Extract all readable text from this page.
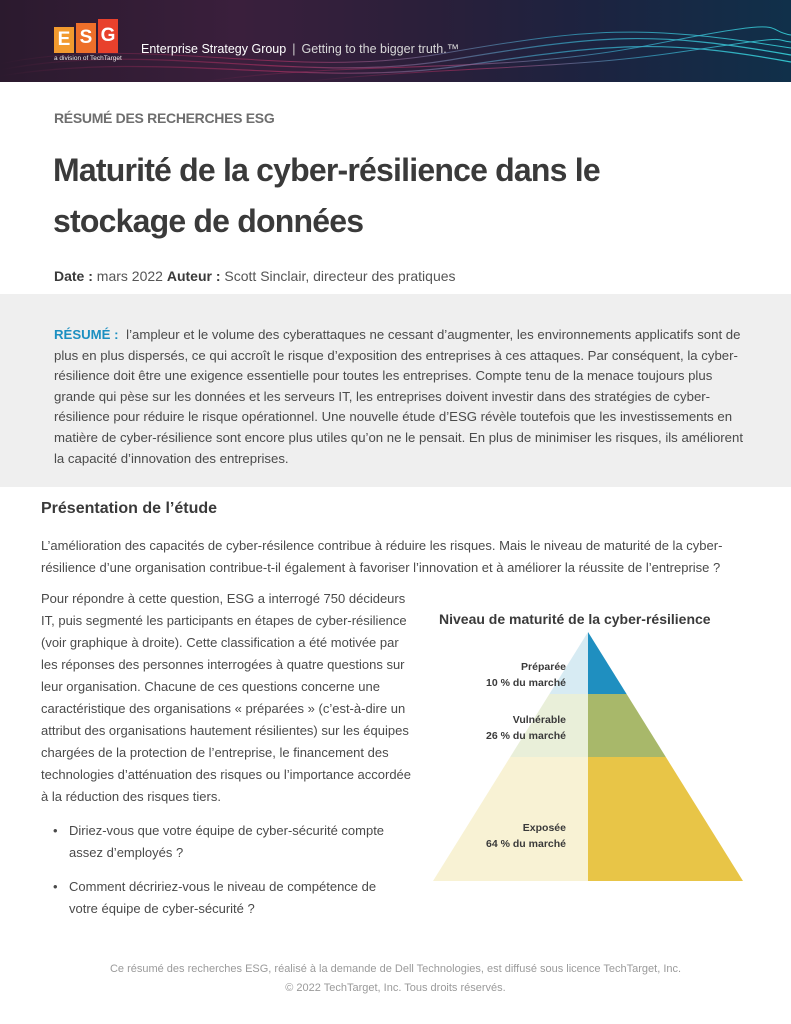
E S G
a division of TechTarget
Enterprise Strategy Group | Getting to the bigger truth.™
RÉSUMÉ DES RECHERCHES ESG
Maturité de la cyber-résilience dans le stockage de données
Date : mars 2022 Auteur : Scott Sinclair, directeur des pratiques

RÉSUMÉ : l’ampleur et le volume des cyberattaques ne cessant d’augmenter, les environnements applicatifs sont de plus en plus dispersés, ce qui accroît le risque d’exposition des entreprises à ces attaques. Par conséquent, la cyber-résilience doit être une exigence essentielle pour toutes les entreprises. Compte tenu de la menace toujours plus grande qui pèse sur les données et les serveurs IT, les entreprises doivent investir dans des stratégies de cyber-résilience pour réduire le risque opérationnel. Une nouvelle étude d’ESG révèle toutefois que les investissements en matière de cyber-résilience sont encore plus utiles qu’on ne le pensait. En plus de minimiser les risques, ils améliorent la capacité d’innovation des entreprises.

Présentation de l’étude

L’amélioration des capacités de cyber-résilence contribue à réduire les risques. Mais le niveau de maturité de la cyber-résilience d’une organisation contribue-t-il également à favoriser l’innovation et à améliorer la réussite de l’entreprise ?

Pour répondre à cette question, ESG a interrogé 750 décideurs IT, puis segmenté les participants en étapes de cyber-résilience (voir graphique à droite). Cette classification a été motivée par les réponses des personnes interrogées à quatre questions sur leur organisation. Chacune de ces questions concerne une caractéristique des organisations « préparées » (c’est-à-dire un attribut des organisations hautement résilientes) sur les équipes chargées de la protection de l’entreprise, le financement des technologies d’atténuation des risques ou l’importance accordée à la réduction des risques tiers.

• Diriez-vous que votre équipe de cyber-sécurité compte assez d’employés ?
• Comment décririez-vous le niveau de compétence de votre équipe de cyber-sécurité ?
Niveau de maturité de la cyber-résilience
Préparée
10 % du marché
Vulnérable
26 % du marché
Exposée
64 % du marché
Ce résumé des recherches ESG, réalisé à la demande de Dell Technologies, est diffusé sous licence TechTarget, Inc.
© 2022 TechTarget, Inc. Tous droits réservés.
